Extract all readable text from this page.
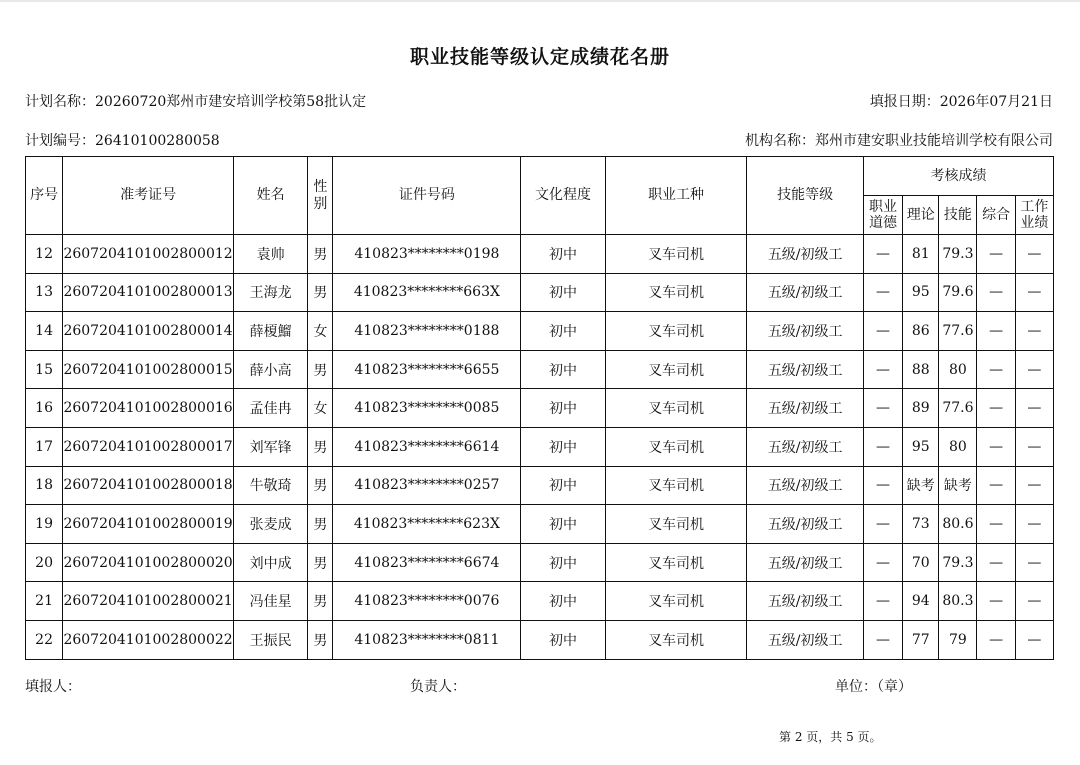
职业技能等级认定成绩花名册
计划名称：20260720郑州市建安培训学校第58批认定	填报日期：2026年07月21日
计划编号：26410100280058	机构名称：郑州市建安职业技能培训学校有限公司
序号	准考证号	姓名	性别	证件号码	文化程度	职业工种	技能等级	考核成绩				
								职业道德	理论	技能	综合	工作业绩
12	2607204101002800012	袁帅	男	410823********0198	初中	叉车司机	五级/初级工	—	81	79.3	—	—
13	2607204101002800013	王海龙	男	410823********663X	初中	叉车司机	五级/初级工	—	95	79.6	—	—
14	2607204101002800014	薛榎鰡	女	410823********0188	初中	叉车司机	五级/初级工	—	86	77.6	—	—
15	2607204101002800015	薛小高	男	410823********6655	初中	叉车司机	五级/初级工	—	88	80	—	—
16	2607204101002800016	孟佳冉	女	410823********0085	初中	叉车司机	五级/初级工	—	89	77.6	—	—
17	2607204101002800017	刘军锋	男	410823********6614	初中	叉车司机	五级/初级工	—	95	80	—	—
18	2607204101002800018	牛敬琦	男	410823********0257	初中	叉车司机	五级/初级工	—	缺考	缺考	—	—
19	2607204101002800019	张麦成	男	410823********623X	初中	叉车司机	五级/初级工	—	73	80.6	—	—
20	2607204101002800020	刘中成	男	410823********6674	初中	叉车司机	五级/初级工	—	70	79.3	—	—
21	2607204101002800021	冯佳星	男	410823********0076	初中	叉车司机	五级/初级工	—	94	80.3	—	—
22	2607204101002800022	王振民	男	410823********0811	初中	叉车司机	五级/初级工	—	77	79	—	—
填报人：	负责人：	单位：（章）
第 2 页，共 5 页。
